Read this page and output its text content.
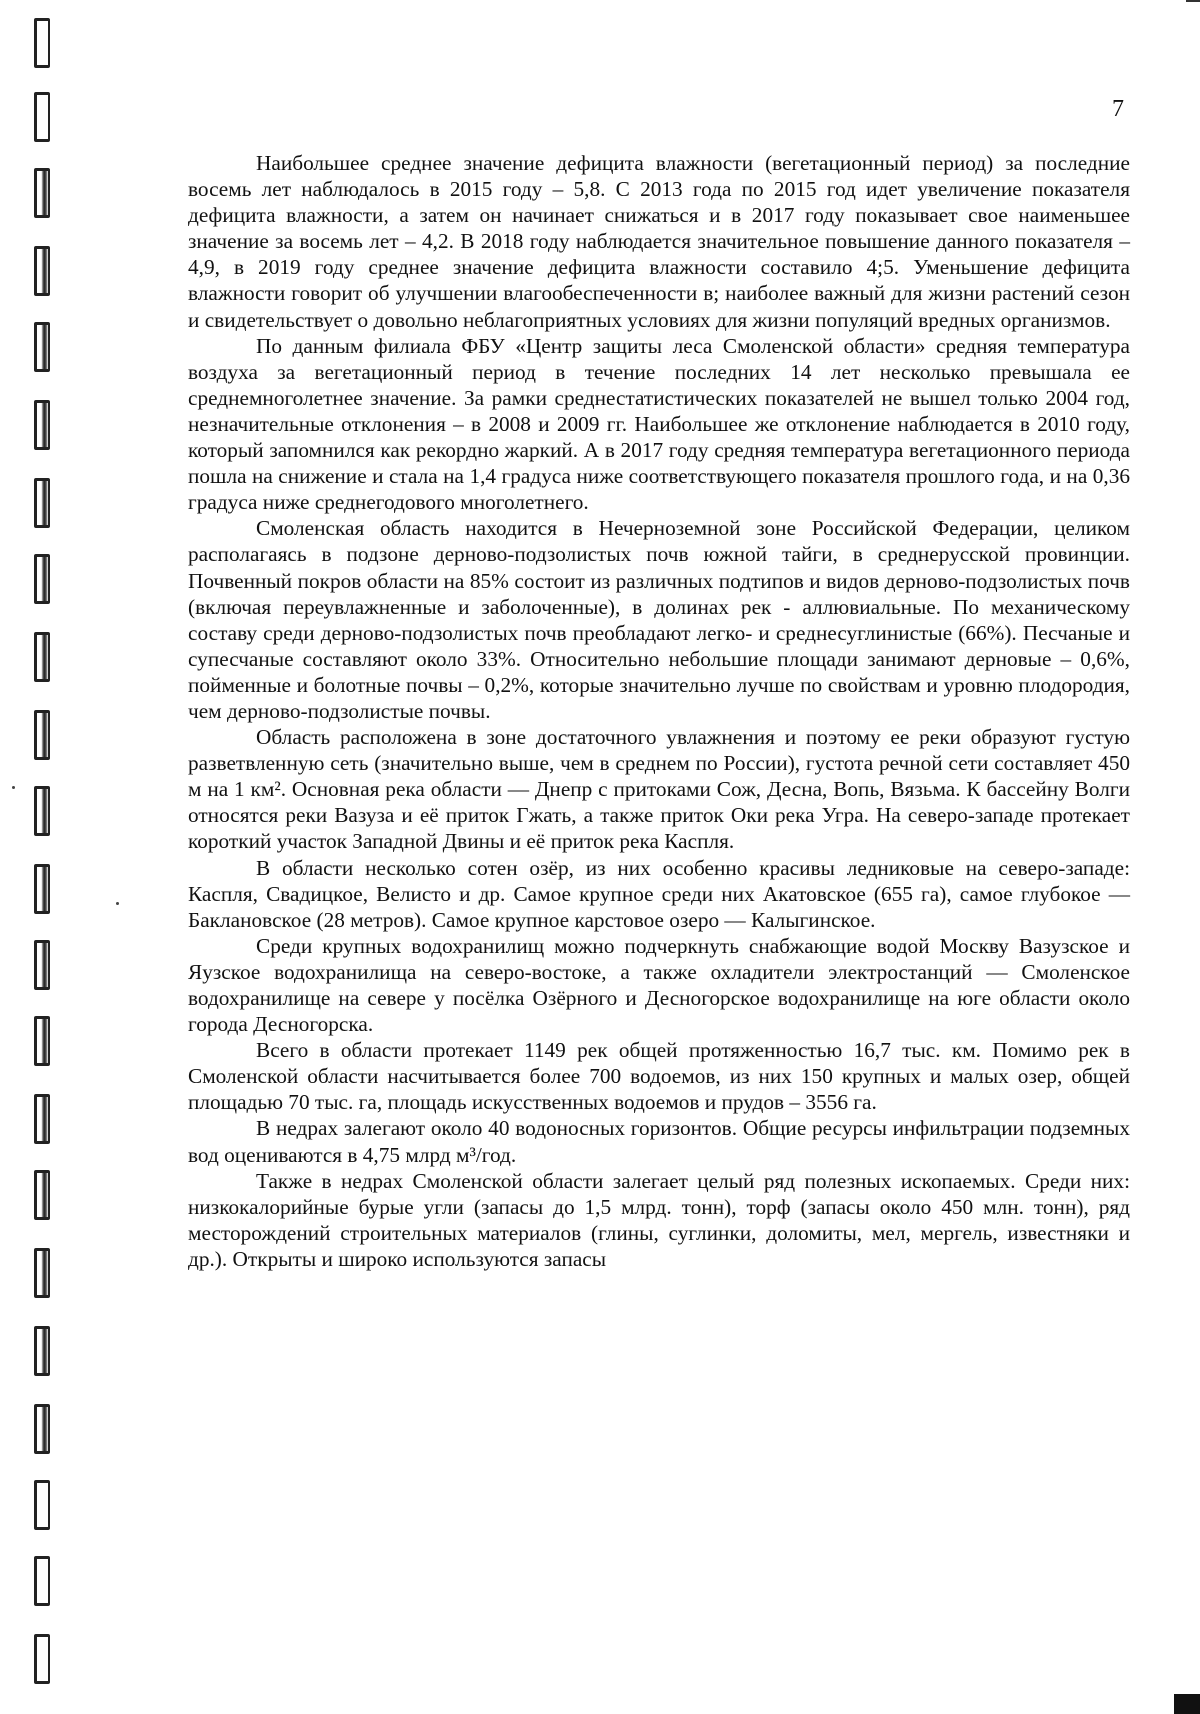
7

Наибольшее среднее значение дефицита влажности (вегетационный период) за последние восемь лет наблюдалось в 2015 году – 5,8. С 2013 года по 2015 год идет увеличение показателя дефицита влажности, а затем он начинает снижаться и в 2017 году показывает свое наименьшее значение за восемь лет – 4,2. В 2018 году наблюдается значительное повышение данного показателя – 4,9, в 2019 году среднее значение дефицита влажности составило 4;5. Уменьшение дефицита влажности говорит об улучшении влагообеспеченности в; наиболее важный для жизни растений сезон и свидетельствует о довольно неблагоприятных условиях для жизни популяций вредных организмов.

По данным филиала ФБУ «Центр защиты леса Смоленской области» средняя температура воздуха за вегетационный период в течение последних 14 лет несколько превышала ее среднемноголетнее значение. За рамки среднестатистических показателей не вышел только 2004 год, незначительные отклонения – в 2008 и 2009 гг. Наибольшее же отклонение наблюдается в 2010 году, который запомнился как рекордно жаркий. А в 2017 году средняя температура вегетационного периода пошла на снижение и стала на 1,4 градуса ниже соответствующего показателя прошлого года, и на 0,36 градуса ниже среднегодового многолетнего.

Смоленская область находится в Нечерноземной зоне Российской Федерации, целиком располагаясь в подзоне дерново-подзолистых почв южной тайги, в среднерусской провинции. Почвенный покров области на 85% состоит из различных подтипов и видов дерново-подзолистых почв (включая переувлажненные и заболоченные), в долинах рек - аллювиальные. По механическому составу среди дерново-подзолистых почв преобладают легко- и среднесуглинистые (66%). Песчаные и супесчаные составляют около 33%. Относительно небольшие площади занимают дерновые – 0,6%, пойменные и болотные почвы – 0,2%, которые значительно лучше по свойствам и уровню плодородия, чем дерново-подзолистые почвы.

Область расположена в зоне достаточного увлажнения и поэтому ее реки образуют густую разветвленную сеть (значительно выше, чем в среднем по России), густота речной сети составляет 450 м на 1 км². Основная река области — Днепр с притоками Сож, Десна, Вопь, Вязьма. К бассейну Волги относятся реки Вазуза и её приток Гжать, а также приток Оки река Угра. На северо-западе протекает короткий участок Западной Двины и её приток река Каспля.

В области несколько сотен озёр, из них особенно красивы ледниковые на северо-западе: Каспля, Свадицкое, Велисто и др. Самое крупное среди них Акатовское (655 га), самое глубокое — Баклановское (28 метров). Самое крупное карстовое озеро — Калыгинское.

Среди крупных водохранилищ можно подчеркнуть снабжающие водой Москву Вазузское и Яузское водохранилища на северо-востоке, а также охладители электростанций — Смоленское водохранилище на севере у посёлка Озёрного и Десногорское водохранилище на юге области около города Десногорска.

Всего в области протекает 1149 рек общей протяженностью 16,7 тыс. км. Помимо рек в Смоленской области насчитывается более 700 водоемов, из них 150 крупных и малых озер, общей площадью 70 тыс. га, площадь искусственных водоемов и прудов – 3556 га.

В недрах залегают около 40 водоносных горизонтов. Общие ресурсы инфильтрации подземных вод оцениваются в 4,75 млрд м³/год.

Также в недрах Смоленской области залегает целый ряд полезных ископаемых. Среди них: низкокалорийные бурые угли (запасы до 1,5 млрд. тонн), торф (запасы около 450 млн. тонн), ряд месторождений строительных материалов (глины, суглинки, доломиты, мел, мергель, известняки и др.). Открыты и широко используются запасы
